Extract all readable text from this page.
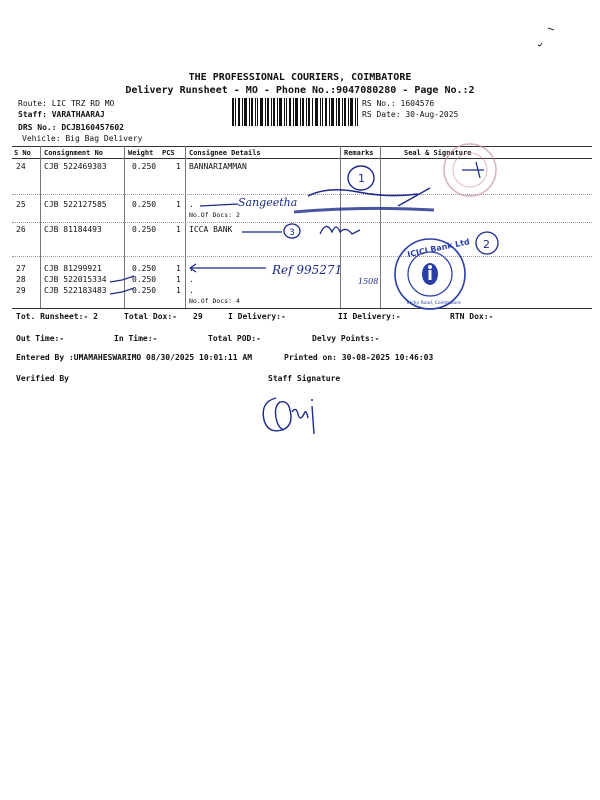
THE PROFESSIONAL COURIERS, COIMBATORE
Delivery Runsheet - MO - Phone No.:9047080280 - Page No.:2
Route: LIC TRZ RD MO
Staff: VARATHAARAJ
DRS No.: DCJB160457602
Vehicle: Big Bag Delivery
RS No.: 1604576
RS Date: 30-Aug-2025
S No Consignment No	Weight PCS Consignee Details	Remarks	Seal & Signature
24 CJB 522469303	0.250 1 BANNARIAMMAN
25 CJB 522127585	0.250 1 .
No.Of Docs: 2
26 CJB 81184493	0.250 1 ICCA BANK
27 CJB 81299921	0.250 1 .
28 CJB 522015334	0.250 1 .
29 CJB 522183483	0.250 1 .
No.Of Docs: 4
Tot. Runsheet:- 2	Total Dox:- 29	I Delivery:-	II Delivery:-	RTN Dox:-
Out Time:-	In Time:-	Total POD:-	Delvy Points:-
Entered By :UMAMAHESWARIMO 08/30/2025 10:01:11 AM	Printed on: 30-08-2025 10:46:03
Verified By	Staff Signature
1
Sangeetha
3
Ref 995271
1508
ICICI Bank Ltd
Trichy Road, Coimbatore
2
